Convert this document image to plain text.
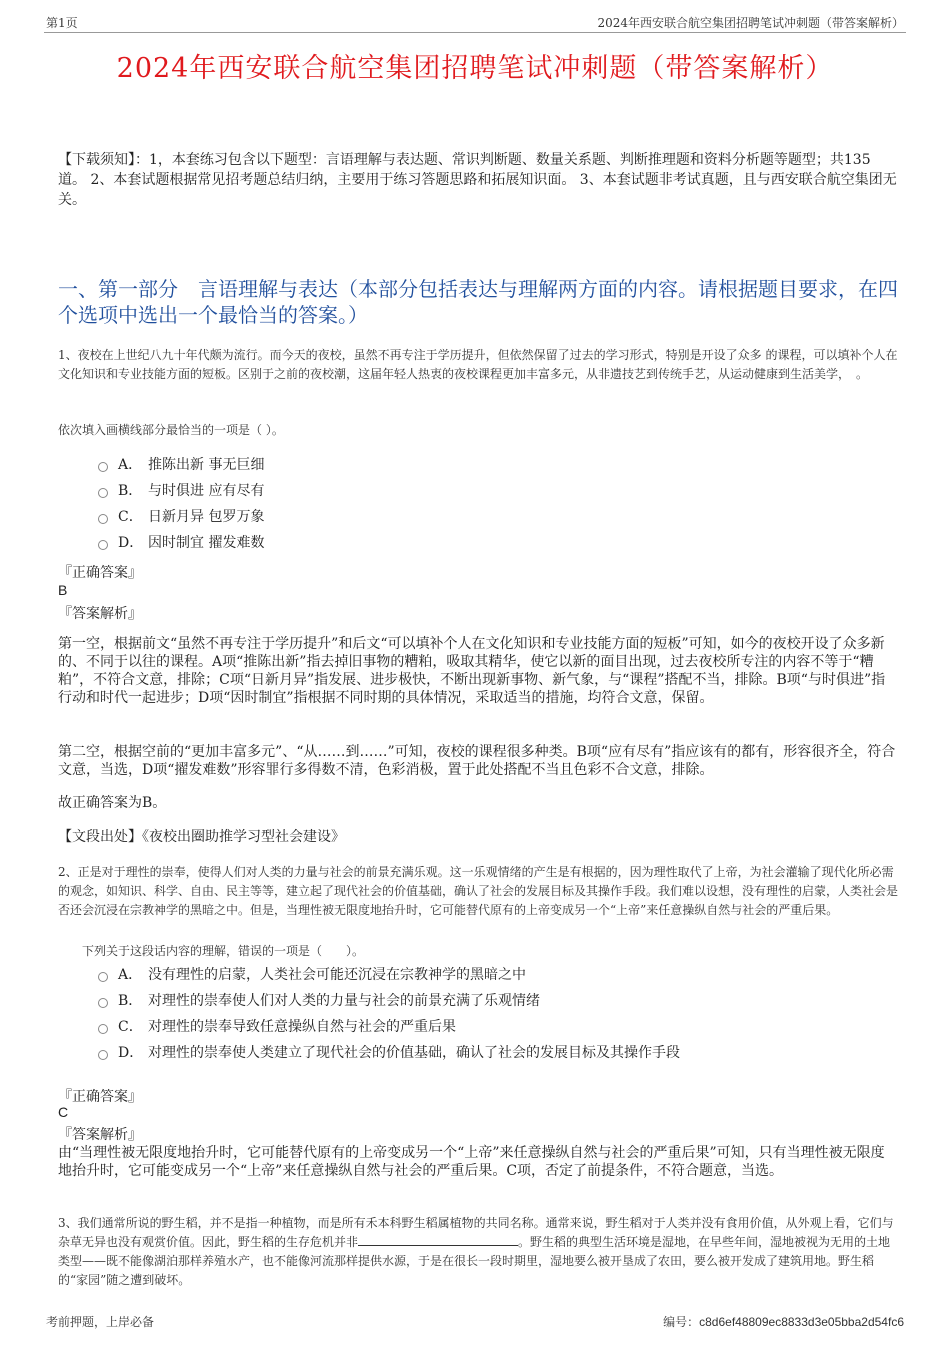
第1页	2024年西安联合航空集团招聘笔试冲刺题（带答案解析）
2024年西安联合航空集团招聘笔试冲刺题（带答案解析）
【下载须知】：1，本套练习包含以下题型：言语理解与表达题、常识判断题、数量关系题、判断推理题和资料分析题等题型；共135道。 2、本套试题根据常见招考题总结归纳，主要用于练习答题思路和拓展知识面。 3、本套试题非考试真题，且与西安联合航空集团无关。
一、第一部分　言语理解与表达（本部分包括表达与理解两方面的内容。请根据题目要求，在四个选项中选出一个最恰当的答案。）
1、夜校在上世纪八九十年代颇为流行。而今天的夜校，虽然不再专注于学历提升，但依然保留了过去的学习形式，特别是开设了众多 的课程，可以填补个人在文化知识和专业技能方面的短板。区别于之前的夜校潮，这届年轻人热衷的夜校课程更加丰富多元，从非遗技艺到传统手艺，从运动健康到生活美学，　。
依次填入画横线部分最恰当的一项是（ ）。
A． 推陈出新 事无巨细
B． 与时俱进 应有尽有
C． 日新月异 包罗万象
D． 因时制宜 擢发难数
『正确答案』
B
『答案解析』
第一空，根据前文“虽然不再专注于学历提升”和后文“可以填补个人在文化知识和专业技能方面的短板”可知，如今的夜校开设了众多新的、不同于以往的课程。A项“推陈出新”指去掉旧事物的糟粕，吸取其精华，使它以新的面目出现，过去夜校所专注的内容不等于“糟粕”，不符合文意，排除；C项“日新月异”指发展、进步极快，不断出现新事物、新气象，与“课程”搭配不当，排除。B项“与时俱进”指行动和时代一起进步；D项“因时制宜”指根据不同时期的具体情况，采取适当的措施，均符合文意，保留。
第二空，根据空前的“更加丰富多元”、“从……到……”可知，夜校的课程很多种类。B项“应有尽有”指应该有的都有，形容很齐全，符合文意，当选，D项“擢发难数”形容罪行多得数不清，色彩消极，置于此处搭配不当且色彩不合文意，排除。
故正确答案为B。
【文段出处】《夜校出圈助推学习型社会建设》
2、正是对于理性的崇奉，使得人们对人类的力量与社会的前景充满乐观。这一乐观情绪的产生是有根据的，因为理性取代了上帝，为社会灌输了现代化所必需的观念，如知识、科学、自由、民主等等，建立起了现代社会的价值基础，确认了社会的发展目标及其操作手段。我们难以设想，没有理性的启蒙，人类社会是否还会沉浸在宗教神学的黑暗之中。但是，当理性被无限度地抬升时，它可能替代原有的上帝变成另一个“上帝”来任意操纵自然与社会的严重后果。
下列关于这段话内容的理解，错误的一项是（　　）。
A． 没有理性的启蒙，人类社会可能还沉浸在宗教神学的黑暗之中
B． 对理性的崇奉使人们对人类的力量与社会的前景充满了乐观情绪
C． 对理性的崇奉导致任意操纵自然与社会的严重后果
D． 对理性的崇奉使人类建立了现代社会的价值基础，确认了社会的发展目标及其操作手段
『正确答案』
C
『答案解析』
由“当理性被无限度地抬升时，它可能替代原有的上帝变成另一个“上帝”来任意操纵自然与社会的严重后果”可知，只有当理性被无限度地抬升时，它可能变成另一个“上帝”来任意操纵自然与社会的严重后果。C项，否定了前提条件，不符合题意，当选。
3、我们通常所说的野生稻，并不是指一种植物，而是所有禾本科野生稻属植物的共同名称。通常来说，野生稻对于人类并没有食用价值，从外观上看，它们与杂草无异也没有观赏价值。因此，野生稻的生存危机并非	。野生稻的典型生活环境是湿地，在早些年间，湿地被视为无用的土地类型——既不能像湖泊那样养殖水产，也不能像河流那样提供水源，于是在很长一段时期里，湿地要么被开垦成了农田，要么被开发成了建筑用地。野生稻的“家园”随之遭到破坏。
考前押题，上岸必备	编号：c8d6ef48809ec8833d3e05bba2d54fc6
